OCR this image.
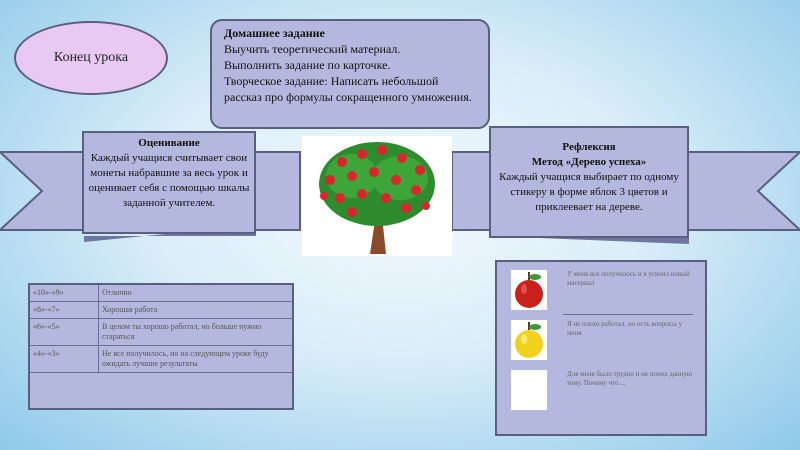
Конец урока
Домашнее задание
Выучить теоретический материал.
Выполнить задание по карточке.
Творческое задание: Написать небольшой рассказ про формулы сокращенного умножения.
Оценивание
Каждый учащися считывает свои монеты набравшие за весь урок и оценивает себя с помощью шкалы заданной учителем.
Рефлексия
Метод «Дерево успеха»
Каждый учащися выбирает по одному стикеру в форме яблок 3 цветов и приклеевает на дереве.
«10»-«9»	Отлично
«8»-«7»	Хорошая работа
«6»-«5»	В целом ты хорошо работал, но больше нужно стараться
«4»-«3»	Не все получилось, но на следующем уроке буду ожидать лучшие результаты
У меня все получилось и я усвоил новый материал
Я не плохо работал, но есть вопросы у меня
Для меня было трудно и не понял данную тему. Почему что ...
